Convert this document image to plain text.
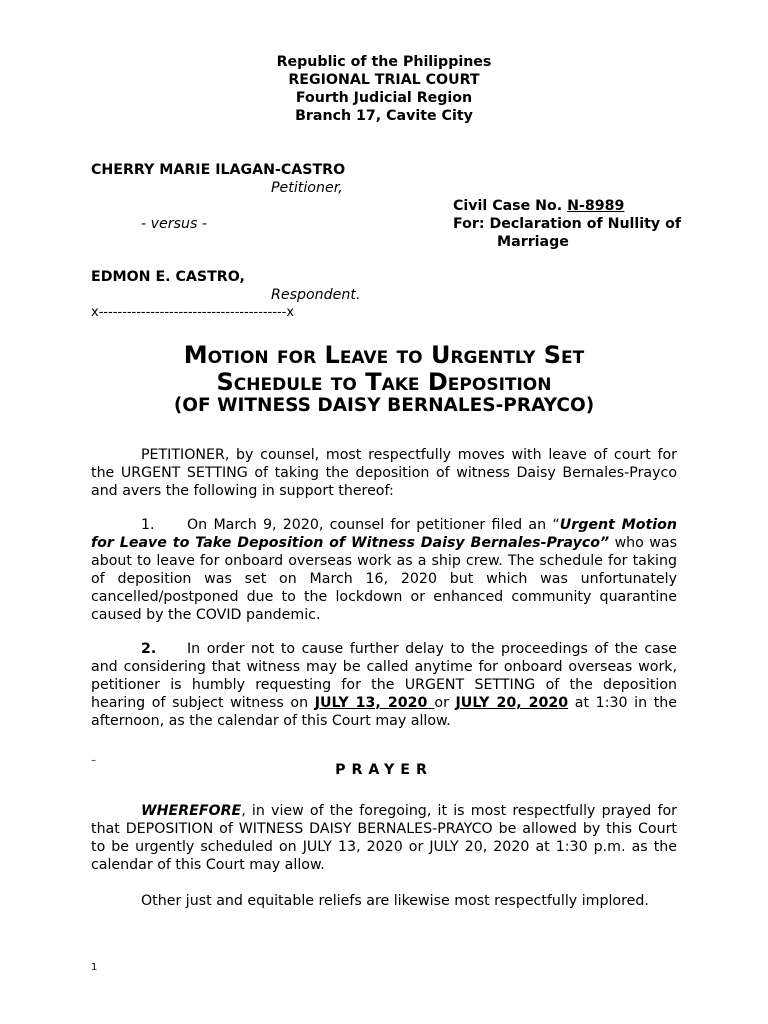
Republic of the Philippines
REGIONAL TRIAL COURT
Fourth Judicial Region
Branch 17, Cavite City
CHERRY MARIE ILAGAN-CASTRO
Petitioner,
Civil Case No. N-8989
- versus -	For: Declaration of Nullity of
Marriage
EDMON E. CASTRO,
Respondent.
x----------------------------------------x
Motion for Leave to Urgently Set
Schedule to Take Deposition
(OF WITNESS DAISY BERNALES-PRAYCO)
PETITIONER, by counsel, most respectfully moves with leave of court for the URGENT SETTING of taking the deposition of witness Daisy Bernales-Prayco and avers the following in support thereof:
1. On March 9, 2020, counsel for petitioner filed an “Urgent Motion for Leave to Take Deposition of Witness Daisy Bernales-Prayco” who was about to leave for onboard overseas work as a ship crew. The schedule for taking of deposition was set on March 16, 2020 but which was unfortunately cancelled/postponed due to the lockdown or enhanced community quarantine caused by the COVID pandemic.
2. In order not to cause further delay to the proceedings of the case and considering that witness may be called anytime for onboard overseas work, petitioner is humbly requesting for the URGENT SETTING of the deposition hearing of subject witness on JULY 13, 2020 or JULY 20, 2020 at 1:30 in the afternoon, as the calendar of this Court may allow.
–
PRAYER
WHEREFORE, in view of the foregoing, it is most respectfully prayed for that DEPOSITION of WITNESS DAISY BERNALES-PRAYCO be allowed by this Court to be urgently scheduled on JULY 13, 2020 or JULY 20, 2020 at 1:30 p.m. as the calendar of this Court may allow.
Other just and equitable reliefs are likewise most respectfully implored.
1
